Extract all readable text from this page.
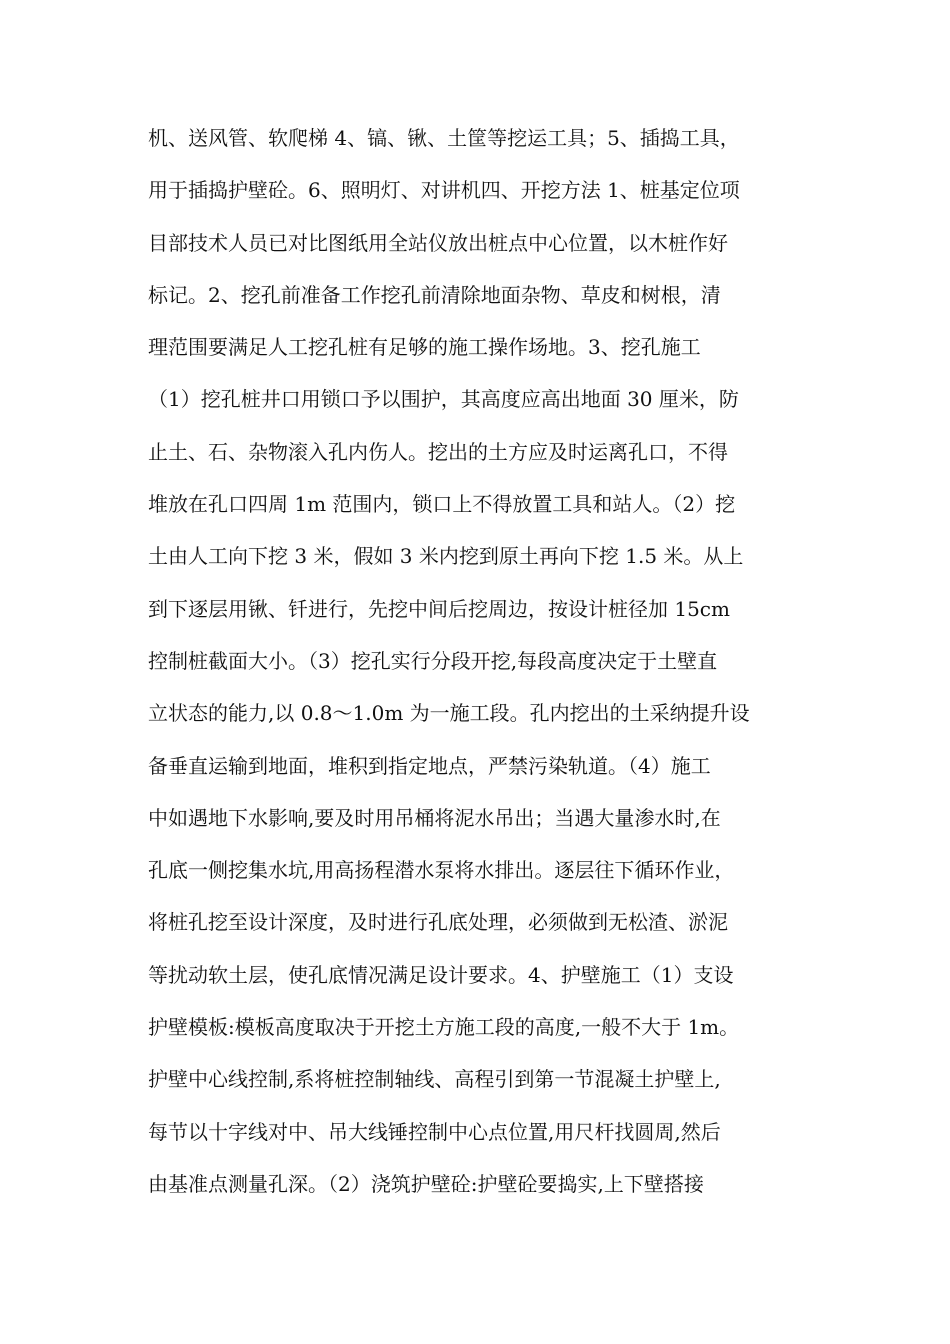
机、送风管、软爬梯 4、镐、锹、土筐等挖运工具；5、插捣工具，
用于插捣护壁砼。6、照明灯、对讲机四、开挖方法 1、桩基定位项
目部技术人员已对比图纸用全站仪放出桩点中心位置，以木桩作好
标记。2、挖孔前准备工作挖孔前清除地面杂物、草皮和树根，清
理范围要满足人工挖孔桩有足够的施工操作场地。3、挖孔施工
（1）挖孔桩井口用锁口予以围护，其高度应高出地面 30 厘米，防
止土、石、杂物滚入孔内伤人。挖出的土方应及时运离孔口，不得
堆放在孔口四周 1m 范围内，锁口上不得放置工具和站人。（2）挖
土由人工向下挖 3 米，假如 3 米内挖到原土再向下挖 1.5 米。从上
到下逐层用锹、钎进行，先挖中间后挖周边，按设计桩径加 15cm
控制桩截面大小。（3）挖孔实行分段开挖,每段高度决定于土壁直
立状态的能力,以 0.8～1.0m 为一施工段。孔内挖出的土采纳提升设
备垂直运输到地面，堆积到指定地点，严禁污染轨道。（4）施工
中如遇地下水影响,要及时用吊桶将泥水吊出；当遇大量渗水时,在
孔底一侧挖集水坑,用高扬程潜水泵将水排出。逐层往下循环作业，
将桩孔挖至设计深度，及时进行孔底处理，必须做到无松渣、淤泥
等扰动软土层，使孔底情况满足设计要求。4、护壁施工（1）支设
护壁模板:模板高度取决于开挖土方施工段的高度,一般不大于 1m。
护壁中心线控制,系将桩控制轴线、高程引到第一节混凝土护壁上,
每节以十字线对中、吊大线锤控制中心点位置,用尺杆找圆周,然后
由基准点测量孔深。（2）浇筑护壁砼:护壁砼要捣实,上下壁搭接
